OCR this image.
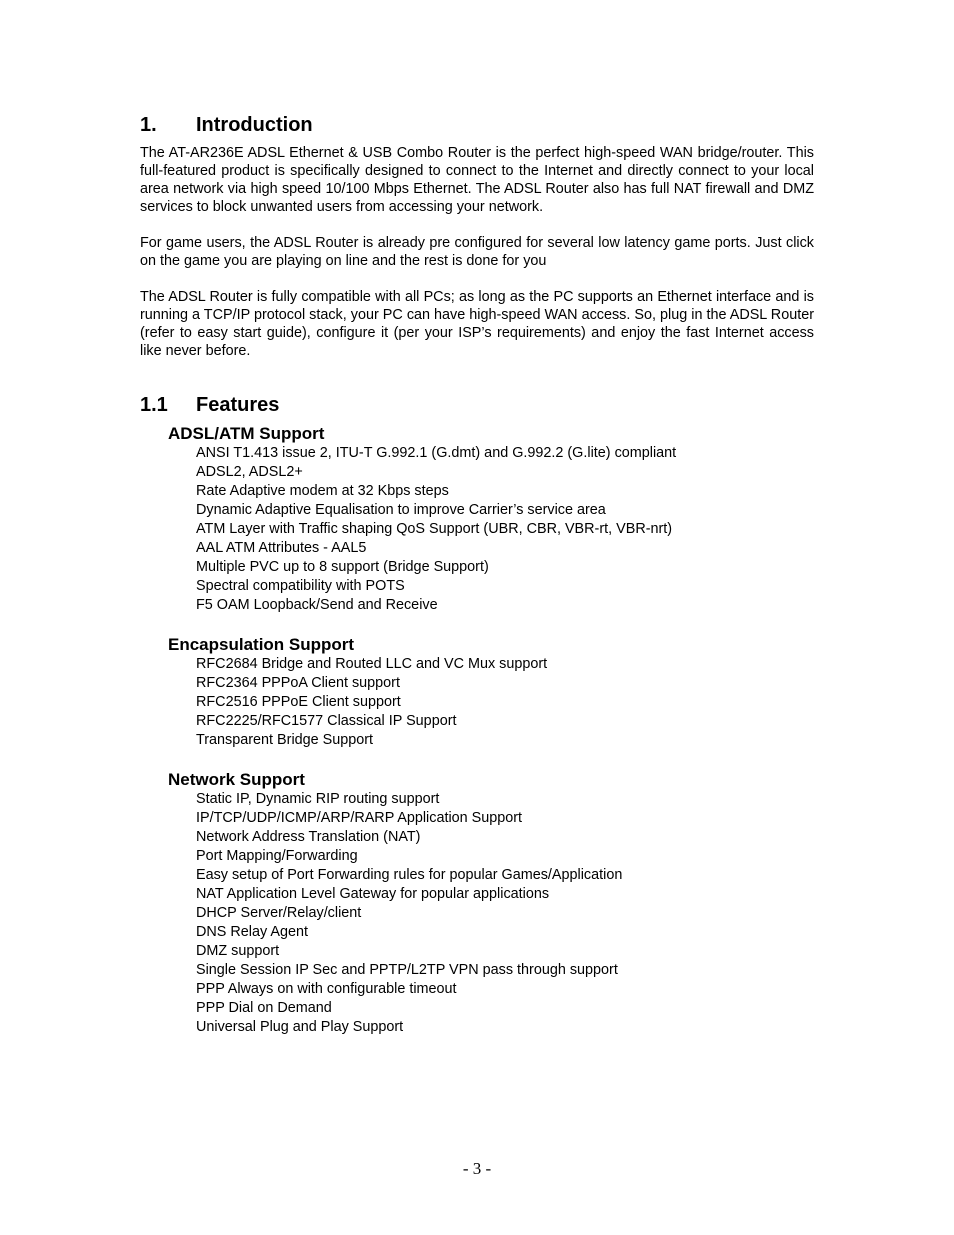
1.	Introduction

The AT-AR236E ADSL Ethernet & USB Combo Router is the perfect high-speed WAN bridge/router. This full-featured product is specifically designed to connect to the Internet and directly connect to your local area network via high speed 10/100 Mbps Ethernet. The ADSL Router also has full NAT firewall and DMZ services to block unwanted users from accessing your network.

For game users, the ADSL Router is already pre configured for several low latency game ports. Just click on the game you are playing on line and the rest is done for you

The ADSL Router is fully compatible with all PCs; as long as the PC supports an Ethernet interface and is running a TCP/IP protocol stack, your PC can have high-speed WAN access. So, plug in the ADSL Router (refer to easy start guide), configure it (per your ISP’s requirements) and enjoy the fast Internet access like never before.

1.1	Features
ADSL/ATM Support
ANSI T1.413 issue 2, ITU-T G.992.1 (G.dmt) and G.992.2 (G.lite) compliant
ADSL2, ADSL2+
Rate Adaptive modem at 32 Kbps steps
Dynamic Adaptive Equalisation to improve Carrier’s service area
ATM Layer with Traffic shaping QoS Support (UBR, CBR, VBR-rt, VBR-nrt)
AAL ATM Attributes - AAL5
Multiple PVC up to 8 support (Bridge Support)
Spectral compatibility with POTS
F5 OAM Loopback/Send and Receive
Encapsulation Support
RFC2684 Bridge and Routed LLC and VC Mux support
RFC2364 PPPoA Client support
RFC2516 PPPoE Client support
RFC2225/RFC1577 Classical IP Support
Transparent Bridge Support
Network Support
Static IP, Dynamic RIP routing support
IP/TCP/UDP/ICMP/ARP/RARP Application Support
Network Address Translation (NAT)
Port Mapping/Forwarding
Easy setup of Port Forwarding rules for popular Games/Application
NAT Application Level Gateway for popular applications
DHCP Server/Relay/client
DNS Relay Agent
DMZ support
Single Session IP Sec and PPTP/L2TP VPN pass through support
PPP Always on with configurable timeout
PPP Dial on Demand
Universal Plug and Play Support
- 3 -
